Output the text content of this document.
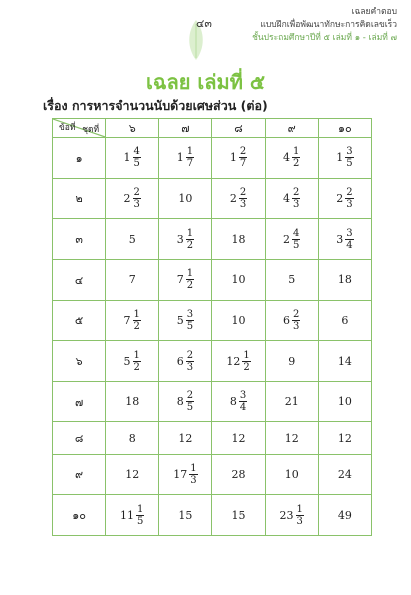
๔๓
เฉลยคำตอบ
แบบฝึกเพื่อพัฒนาทักษะการคิดเลขเร็ว
ชั้นประถมศึกษาปีที่ ๕ เล่มที่ ๑ - เล่มที่ ๗
เฉลย เล่มที่ ๕
เรื่อง การหารจำนวนนับด้วยเศษส่วน (ต่อ)
ชุดที่
ข้อที่	๖	๗	๘	๙	๑๐
๑	$1 \frac{4}{5}$	$1 \frac{1}{7}$	$1 \frac{2}{7}$	$4 \frac{1}{2}$	$1 \frac{3}{5}$

๒	$2 \frac{2}{3}$	10	$2 \frac{2}{3}$	$4 \frac{2}{3}$	$2 \frac{2}{3}$

๓	5	$3 \frac{1}{2}$	18	$2 \frac{4}{5}$	$3 \frac{3}{4}$

๔	7	$7 \frac{1}{2}$	10	5	18

๕	$7 \frac{1}{2}$	$5 \frac{3}{5}$	10	$6 \frac{2}{3}$	6

๖	$5 \frac{1}{2}$	$6 \frac{2}{3}$	$12 \frac{1}{2}$	9	14

๗	18	$8 \frac{2}{5}$	$8 \frac{3}{4}$	21	10

๘	8	12	12	12	12

๙	12	$17 \frac{1}{3}$	28	10	24

๑๐	$11 \frac{1}{5}$	15	15	$23 \frac{1}{3}$	49
